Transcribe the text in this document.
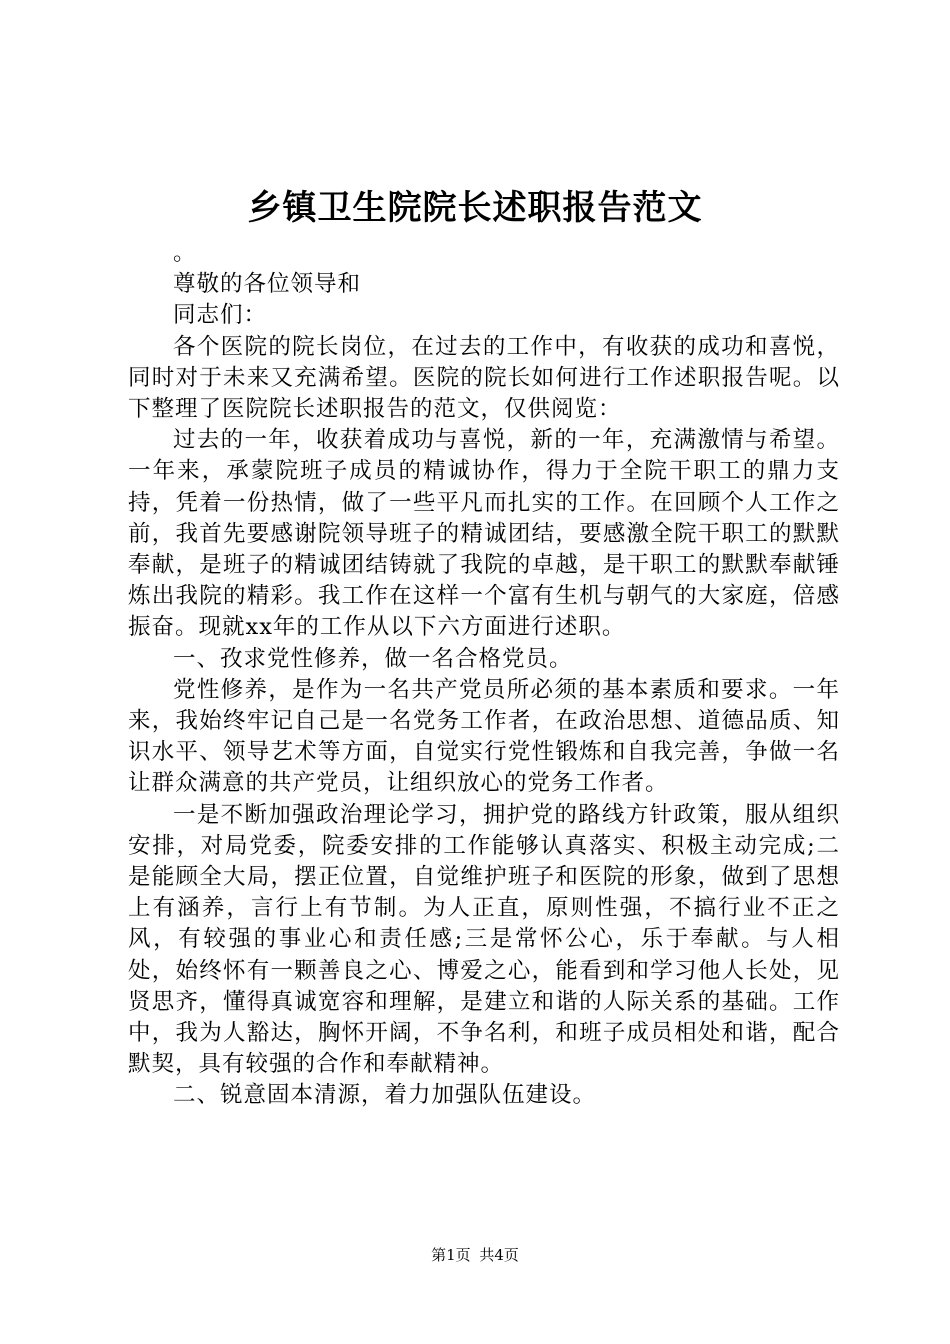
乡镇卫生院院长述职报告范文

。

尊敬的各位领导和

同志们：

各个医院的院长岗位，在过去的工作中，有收获的成功和喜悦，同时对于未来又充满希望。医院的院长如何进行工作述职报告呢。以下整理了医院院长述职报告的范文，仅供阅览：

过去的一年，收获着成功与喜悦，新的一年，充满激情与希望。一年来，承蒙院班子成员的精诚协作，得力于全院干职工的鼎力支持，凭着一份热情，做了一些平凡而扎实的工作。在回顾个人工作之前，我首先要感谢院领导班子的精诚团结，要感激全院干职工的默默奉献，是班子的精诚团结铸就了我院的卓越，是干职工的默默奉献锤炼出我院的精彩。我工作在这样一个富有生机与朝气的大家庭，倍感振奋。现就xx年的工作从以下六方面进行述职。

一、孜求党性修养，做一名合格党员。

党性修养，是作为一名共产党员所必须的基本素质和要求。一年来，我始终牢记自己是一名党务工作者，在政治思想、道德品质、知识水平、领导艺术等方面，自觉实行党性锻炼和自我完善，争做一名让群众满意的共产党员，让组织放心的党务工作者。

一是不断加强政治理论学习，拥护党的路线方针政策，服从组织安排，对局党委，院委安排的工作能够认真落实、积极主动完成;二是能顾全大局，摆正位置，自觉维护班子和医院的形象，做到了思想上有涵养，言行上有节制。为人正直，原则性强，不搞行业不正之风，有较强的事业心和责任感;三是常怀公心，乐于奉献。与人相处，始终怀有一颗善良之心、博爱之心，能看到和学习他人长处，见贤思齐，懂得真诚宽容和理解，是建立和谐的人际关系的基础。工作中，我为人豁达，胸怀开阔，不争名利，和班子成员相处和谐，配合默契，具有较强的合作和奉献精神。

二、锐意固本清源，着力加强队伍建设。

第1页 共4页
